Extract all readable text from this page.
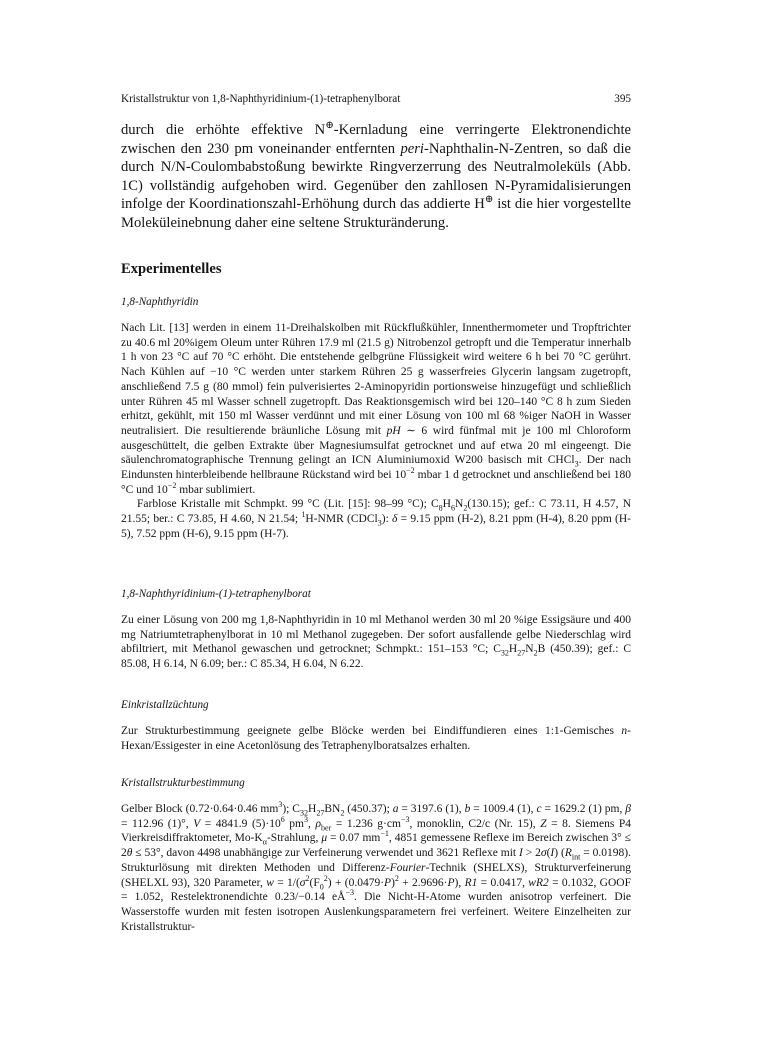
Kristallstruktur von 1,8-Naphthyridinium-(1)-tetraphenylborat	395
durch die erhöhte effektive N⊕-Kernladung eine verringerte Elektronendichte zwischen den 230 pm voneinander entfernten peri-Naphthalin-N-Zentren, so daß die durch N/N-Coulombabstoßung bewirkte Ringverzerrung des Neutralmoleküls (Abb. 1C) vollständig aufgehoben wird. Gegenüber den zahllosen N-Pyramidalisierungen infolge der Koordinationszahl-Erhöhung durch das addierte H⊕ ist die hier vorgestellte Moleküleinebnung daher eine seltene Strukturänderung.
Experimentelles
1,8-Naphthyridin

Nach Lit. [13] werden in einem 11-Dreihalskolben mit Rückflußkühler, Innenthermometer und Tropftrichter zu 40.6 ml 20%igem Oleum unter Rühren 17.9 ml (21.5 g) Nitrobenzol getropft und die Temperatur innerhalb 1 h von 23 °C auf 70 °C erhöht. Die entstehende gelbgrüne Flüssigkeit wird weitere 6 h bei 70 °C gerührt. Nach Kühlen auf −10 °C werden unter starkem Rühren 25 g wasserfreies Glycerin langsam zugetropft, anschließend 7.5 g (80 mmol) fein pulverisiertes 2-Aminopyridin portionsweise hinzugefügt und schließlich unter Rühren 45 ml Wasser schnell zugetropft. Das Reaktionsgemisch wird bei 120–140 °C 8 h zum Sieden erhitzt, gekühlt, mit 150 ml Wasser verdünnt und mit einer Lösung von 100 ml 68 %iger NaOH in Wasser neutralisiert. Die resultierende bräunliche Lösung mit pH ∼ 6 wird fünfmal mit je 100 ml Chloroform ausgeschüttelt, die gelben Extrakte über Magnesiumsulfat getrocknet und auf etwa 20 ml eingeengt. Die säulenchromatographische Trennung gelingt an ICN Aluminiumoxid W200 basisch mit CHCl$_3$. Der nach Eindunsten hinterbleibende hellbraune Rückstand wird bei $10^{-2}$ mbar 1 d getrocknet und anschließend bei 180 °C und $10^{-2}$ mbar sublimiert.

Farblose Kristalle mit Schmpkt. 99 °C (Lit. [15]: 98–99 °C); $C_8H_6N_2(130.15)$; gef.: C 73.11, H 4.57, N 21.55; ber.: C 73.85, H 4.60, N 21.54; $^1$H-NMR (CDCl$_3$): δ = 9.15 ppm (H-2), 8.21 ppm (H-4), 8.20 ppm (H-5), 7.52 ppm (H-6), 9.15 ppm (H-7).

1,8-Naphthyridinium-(1)-tetraphenylborat

Zu einer Lösung von 200 mg 1,8-Naphthyridin in 10 ml Methanol werden 30 ml 20 %ige Essigsäure und 400 mg Natriumtetraphenylborat in 10 ml Methanol zugegeben. Der sofort ausfallende gelbe Niederschlag wird abfiltriert, mit Methanol gewaschen und getrocknet; Schmpkt.: 151–153 °C; $C_{32}H_{27}N_2B$ (450.39); gef.: C 85.08, H 6.14, N 6.09; ber.: C 85.34, H 6.04, N 6.22.

Einkristallzüchtung

Zur Strukturbestimmung geeignete gelbe Blöcke werden bei Eindiffundieren eines 1:1-Gemisches n-Hexan/Essigester in eine Acetonlösung des Tetraphenylboratsalzes erhalten.

Kristallstrukturbestimmung

Gelber Block (0.72·0.64·0.46 $mm^3$); $C_{32}H_{27}BN_2$ (450.37); a = 3197.6 (1), b = 1009.4 (1), c = 1629.2 (1) pm, β = 112.96 (1)°, V = 4841.9 $(5)\cdot 10^6$ $pm^3$, $\rho_{ber} = 1.236$ $g\cdot cm^{-3}$, monoklin, C2/c (Nr. 15), Z = 8. Siemens P4 Vierkreisdiffraktometer, $Mo-K_\alpha$-Strahlung, μ = 0.07 $mm^{-1}$, 4851 gemessene Reflexe im Bereich zwischen 3° ≤ 2θ ≤ 53°, davon 4498 unabhängige zur Verfeinerung verwendet und 3621 Reflexe mit I > 2σ(I) $(R_{int} = 0.0198)$. Strukturlösung mit direkten Methoden und Differenz-Fourier-Technik (SHELXS), Strukturverfeinerung (SHELXL 93), 320 Parameter, $w = 1/(\sigma^2(F_0^2) + (0.0479\cdot P)^2 + 2.9696\cdot P)$, R1 = 0.0417, wR2 = 0.1032, GOOF = 1.052, Restelektronendichte 0.23/−0.14 $eÅ^{-3}$. Die Nicht-H-Atome wurden anisotrop verfeinert. Die Wasserstoffe wurden mit festen isotropen Auslenkungsparametern frei verfeinert. Weitere Einzelheiten zur Kristallstruktur-
